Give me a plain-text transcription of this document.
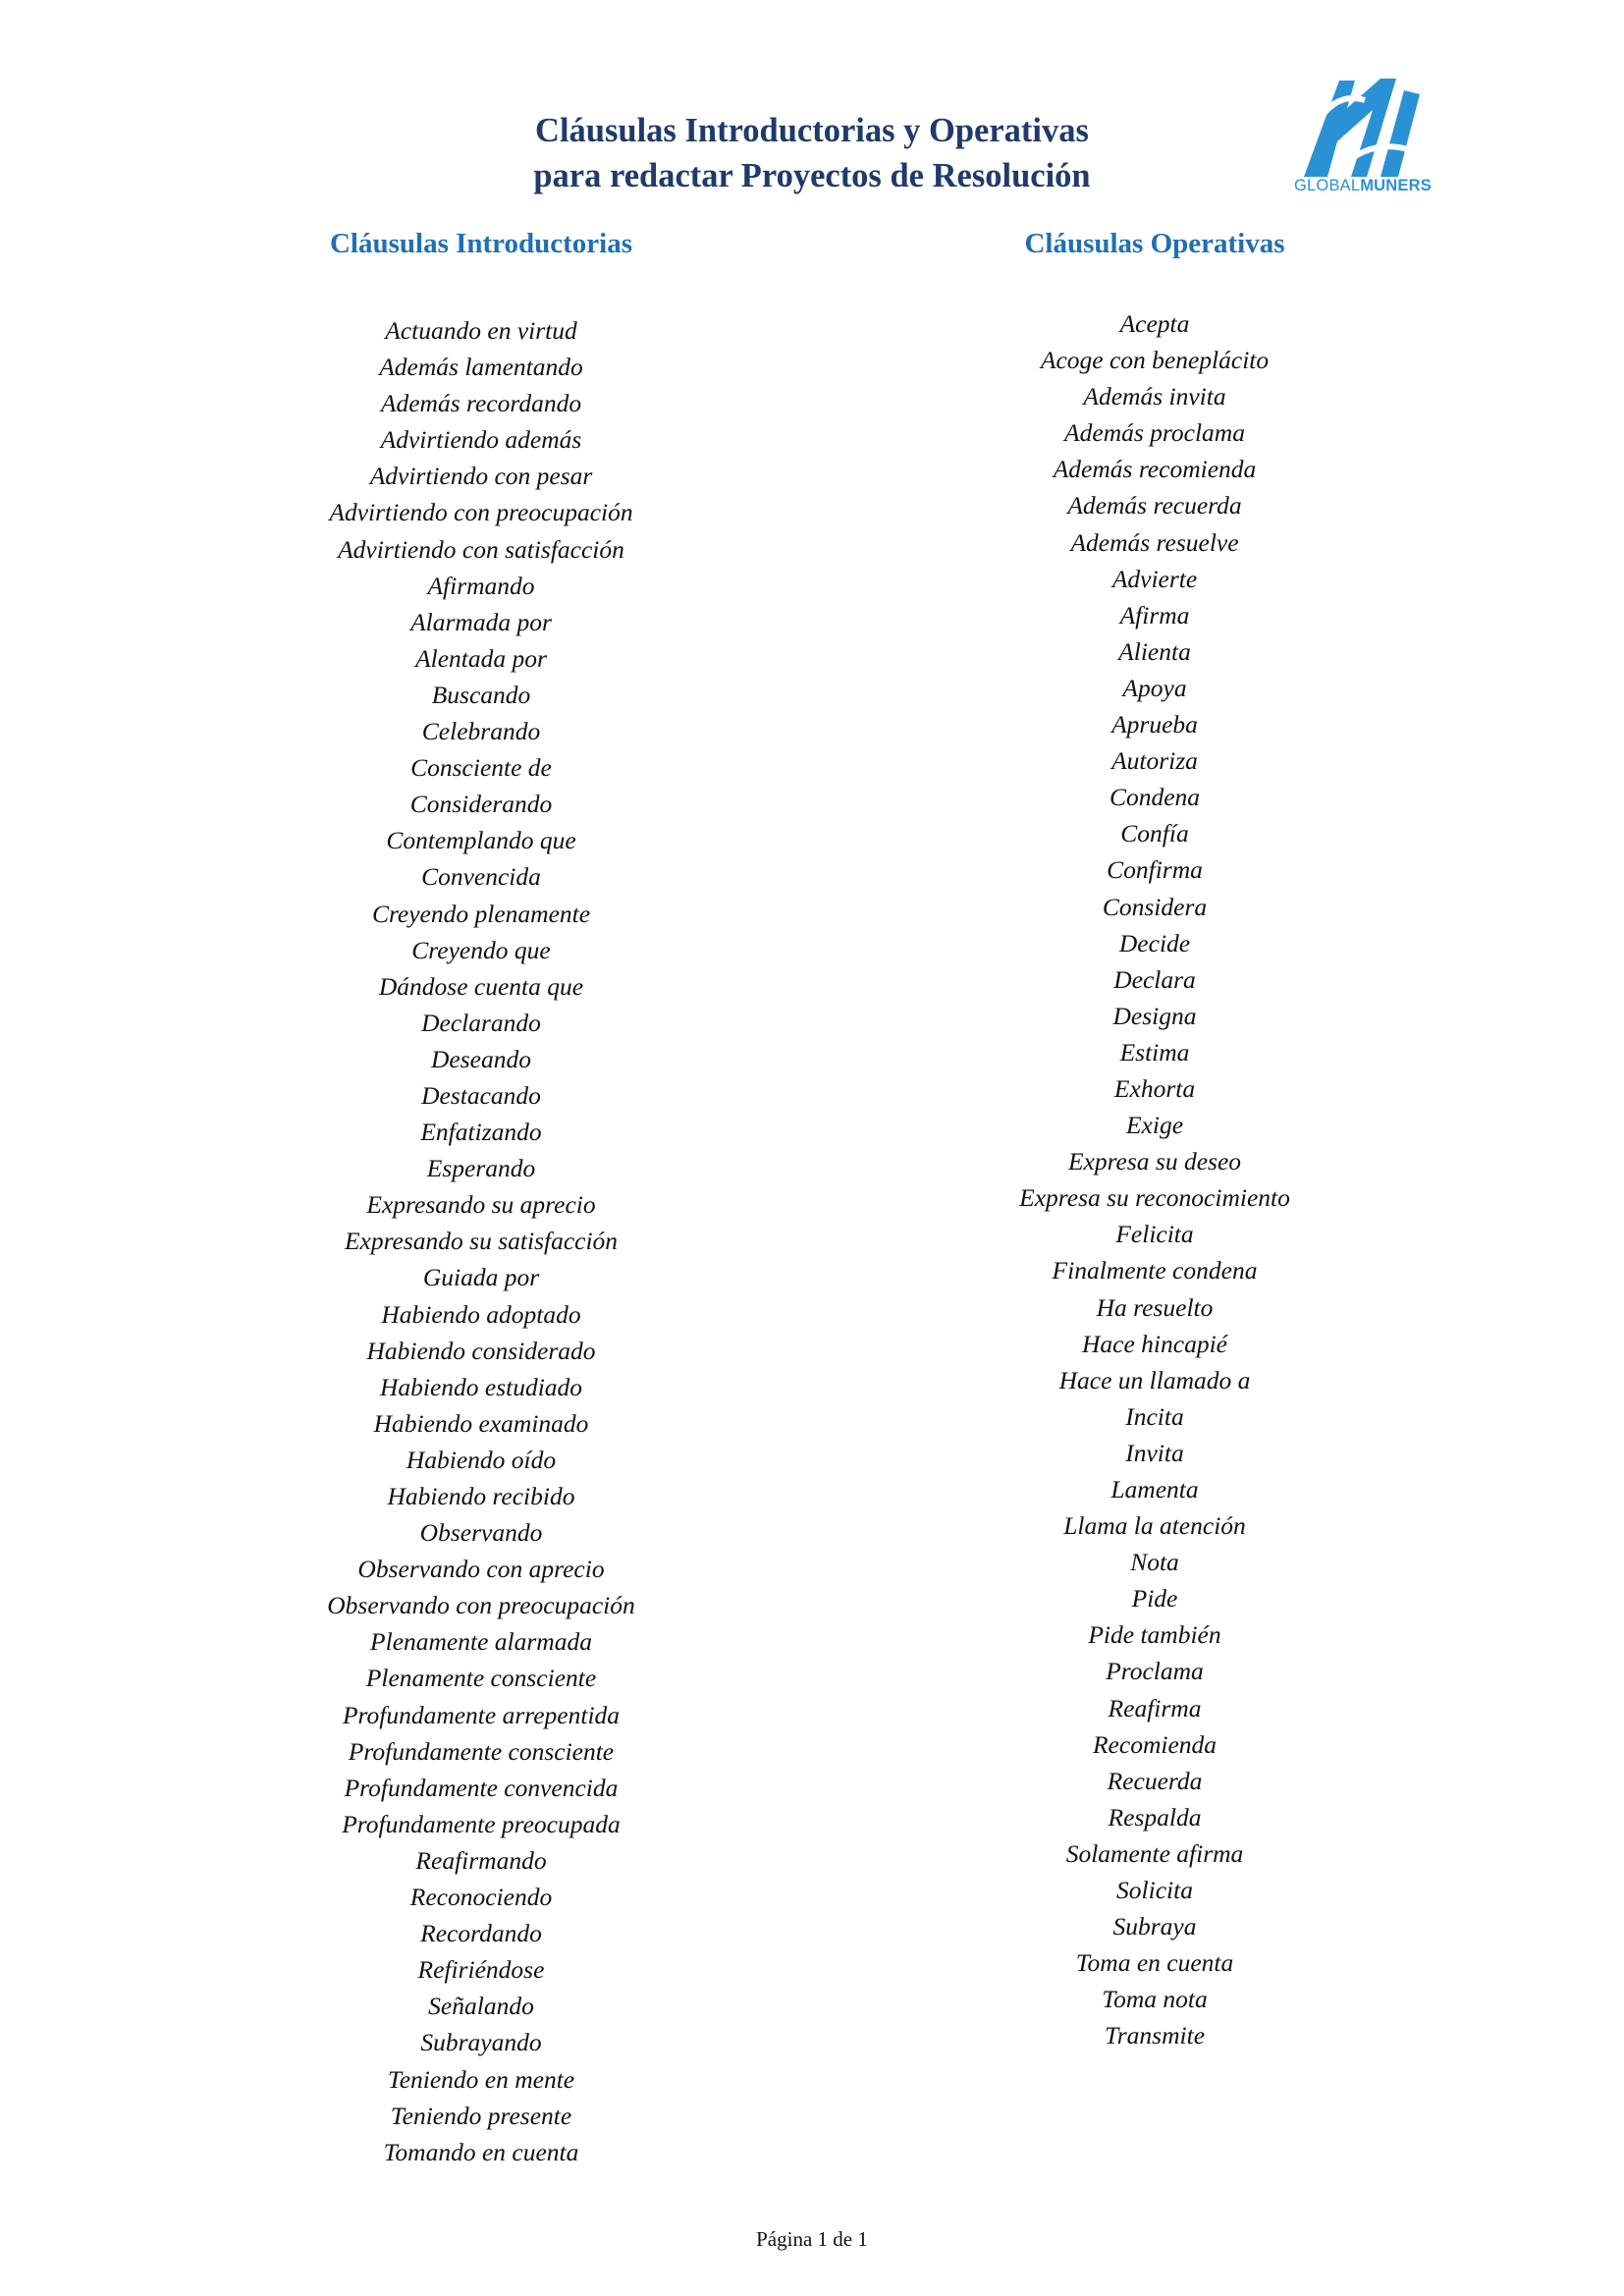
Cláusulas Introductorias y Operativas
para redactar Proyectos de Resolución	GLOBALMUNERS
Cláusulas Introductorias
Actuando en virtud
Además lamentando
Además recordando
Advirtiendo además
Advirtiendo con pesar
Advirtiendo con preocupación
Advirtiendo con satisfacción
Afirmando
Alarmada por
Alentada por
Buscando
Celebrando
Consciente de
Considerando
Contemplando que
Convencida
Creyendo plenamente
Creyendo que
Dándose cuenta que
Declarando
Deseando
Destacando
Enfatizando
Esperando
Expresando su aprecio
Expresando su satisfacción
Guiada por
Habiendo adoptado
Habiendo considerado
Habiendo estudiado
Habiendo examinado
Habiendo oído
Habiendo recibido
Observando
Observando con aprecio
Observando con preocupación
Plenamente alarmada
Plenamente consciente
Profundamente arrepentida
Profundamente consciente
Profundamente convencida
Profundamente preocupada
Reafirmando
Reconociendo
Recordando
Refiriéndose
Señalando
Subrayando
Teniendo en mente
Teniendo presente
Tomando en cuenta
Cláusulas Operativas
Acepta
Acoge con beneplácito
Además invita
Además proclama
Además recomienda
Además recuerda
Además resuelve
Advierte
Afirma
Alienta
Apoya
Aprueba
Autoriza
Condena
Confía
Confirma
Considera
Decide
Declara
Designa
Estima
Exhorta
Exige
Expresa su deseo
Expresa su reconocimiento
Felicita
Finalmente condena
Ha resuelto
Hace hincapié
Hace un llamado a
Incita
Invita
Lamenta
Llama la atención
Nota
Pide
Pide también
Proclama
Reafirma
Recomienda
Recuerda
Respalda
Solamente afirma
Solicita
Subraya
Toma en cuenta
Toma nota
Transmite
Página 1 de 1
